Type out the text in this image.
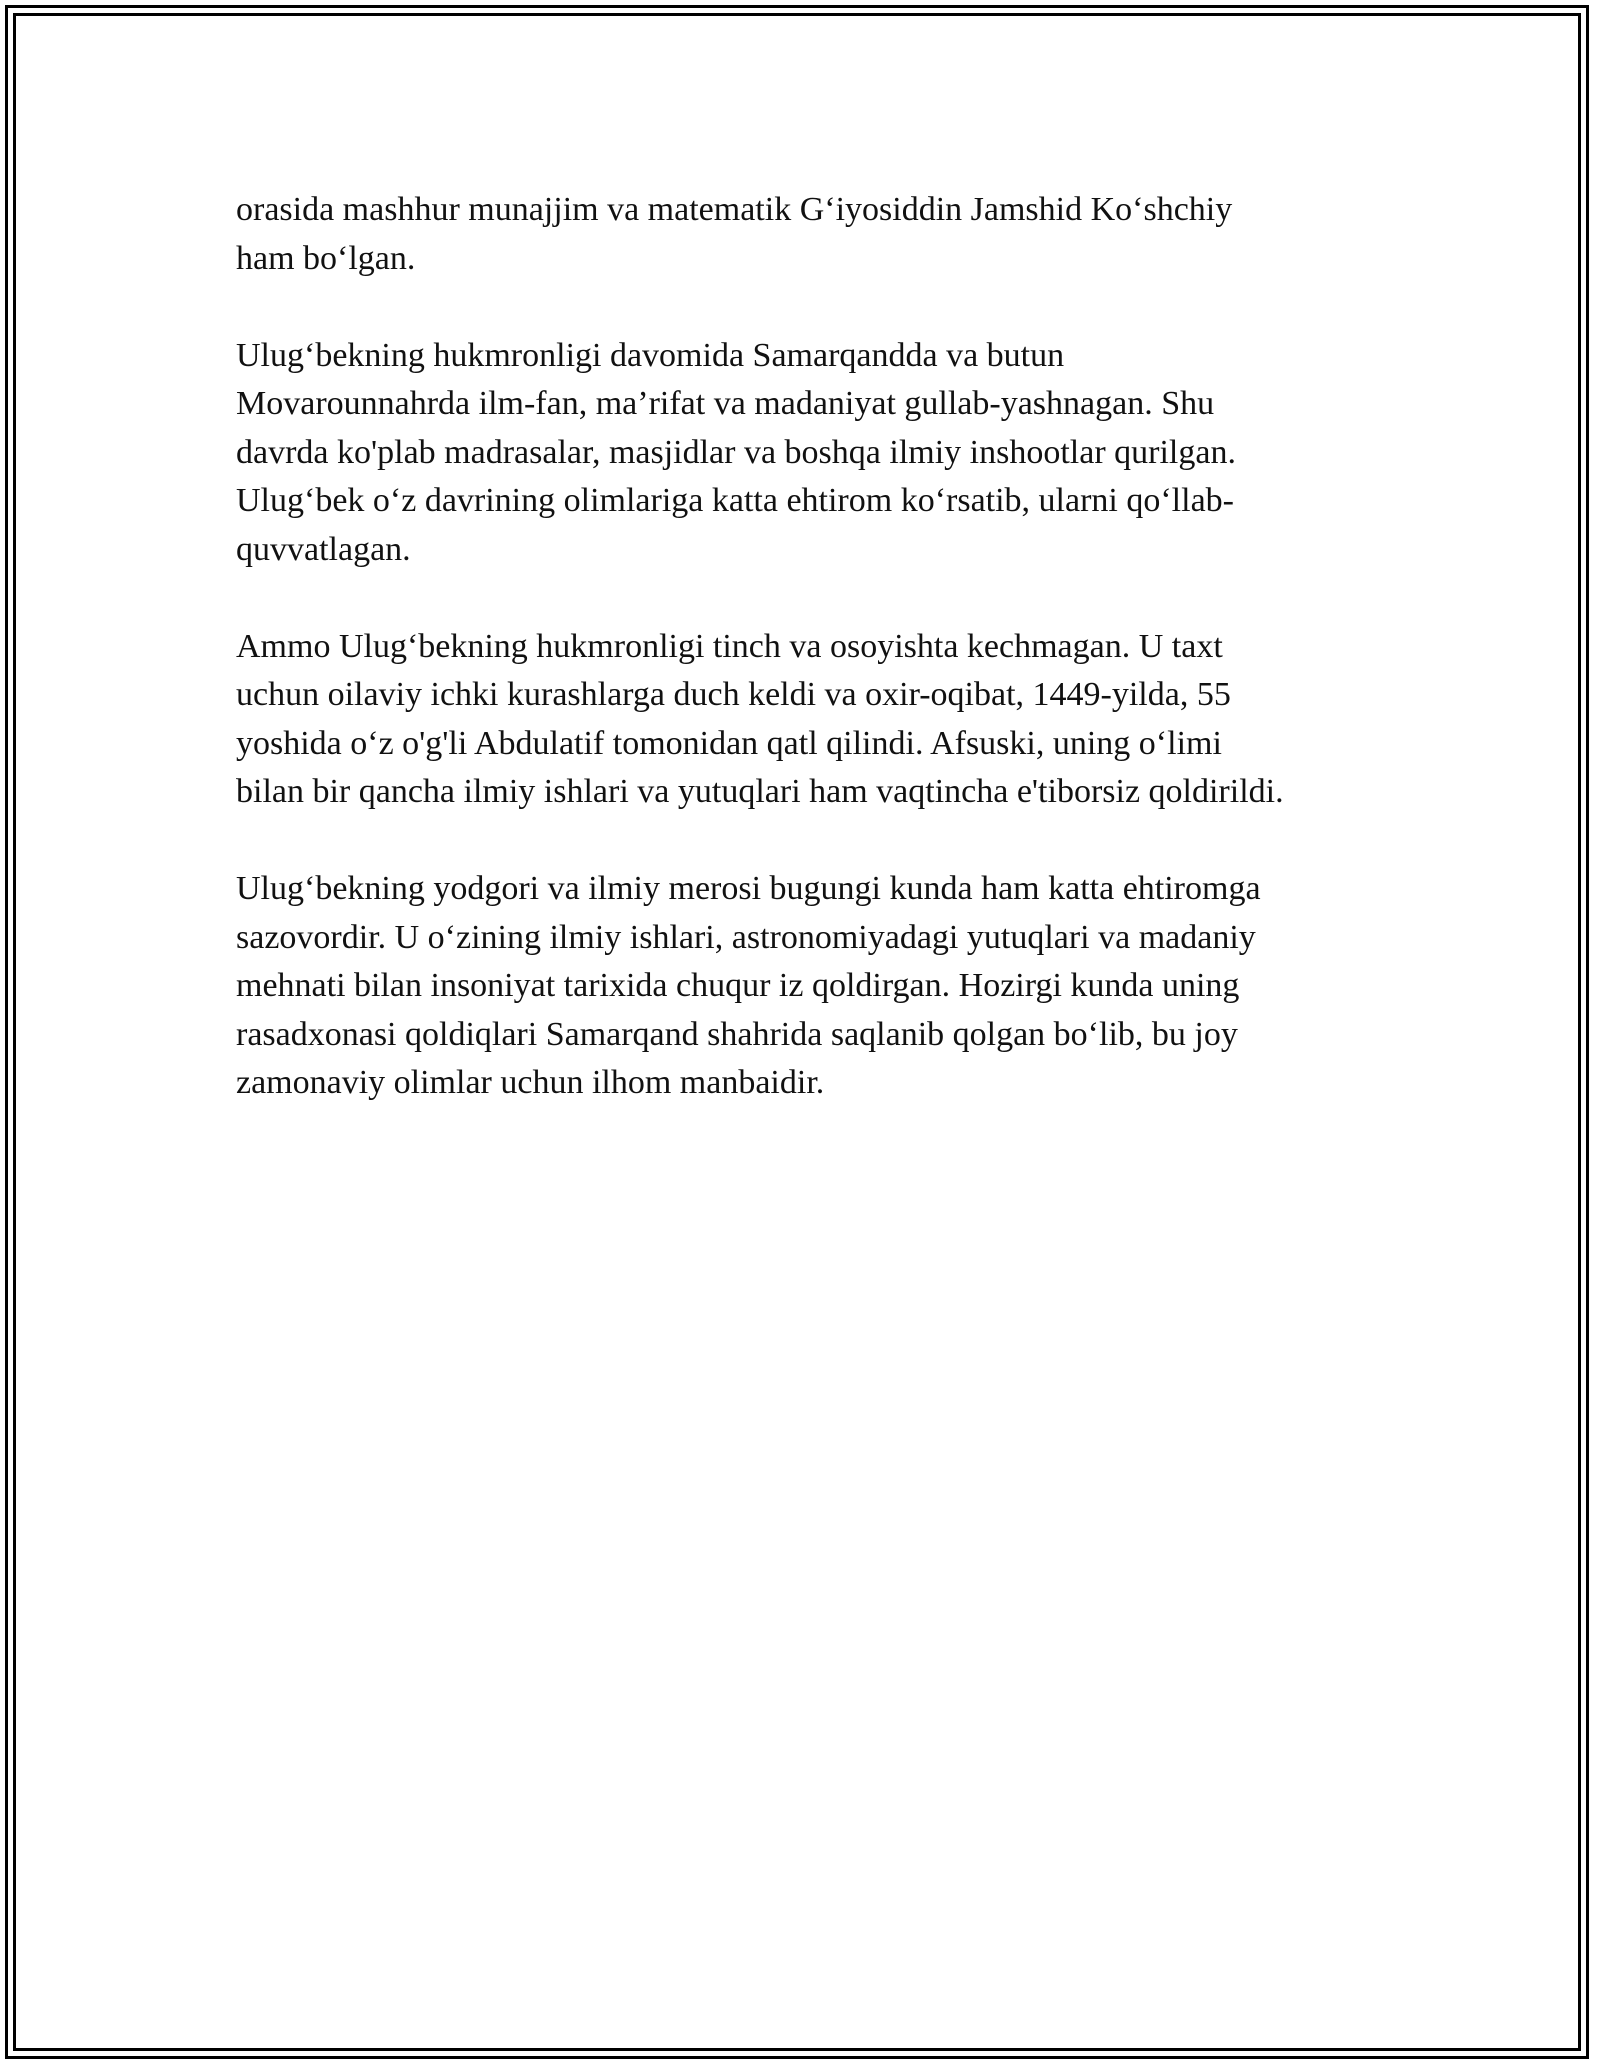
orasida mashhur munajjim va matematik G‘iyosiddin Jamshid Ko‘shchiy
ham bo‘lgan.

Ulug‘bekning hukmronligi davomida Samarqandda va butun
Movarounnahrda ilm-fan, ma’rifat va madaniyat gullab-yashnagan. Shu
davrda ko'plab madrasalar, masjidlar va boshqa ilmiy inshootlar qurilgan.
Ulug‘bek o‘z davrining olimlariga katta ehtirom ko‘rsatib, ularni qo‘llab-
quvvatlagan.

Ammo Ulug‘bekning hukmronligi tinch va osoyishta kechmagan. U taxt
uchun oilaviy ichki kurashlarga duch keldi va oxir-oqibat, 1449-yilda, 55
yoshida o‘z o'g'li Abdulatif tomonidan qatl qilindi. Afsuski, uning o‘limi
bilan bir qancha ilmiy ishlari va yutuqlari ham vaqtincha e'tiborsiz qoldirildi.

Ulug‘bekning yodgori va ilmiy merosi bugungi kunda ham katta ehtiromga
sazovordir. U o‘zining ilmiy ishlari, astronomiyadagi yutuqlari va madaniy
mehnati bilan insoniyat tarixida chuqur iz qoldirgan. Hozirgi kunda uning
rasadxonasi qoldiqlari Samarqand shahrida saqlanib qolgan bo‘lib, bu joy
zamonaviy olimlar uchun ilhom manbaidir.
